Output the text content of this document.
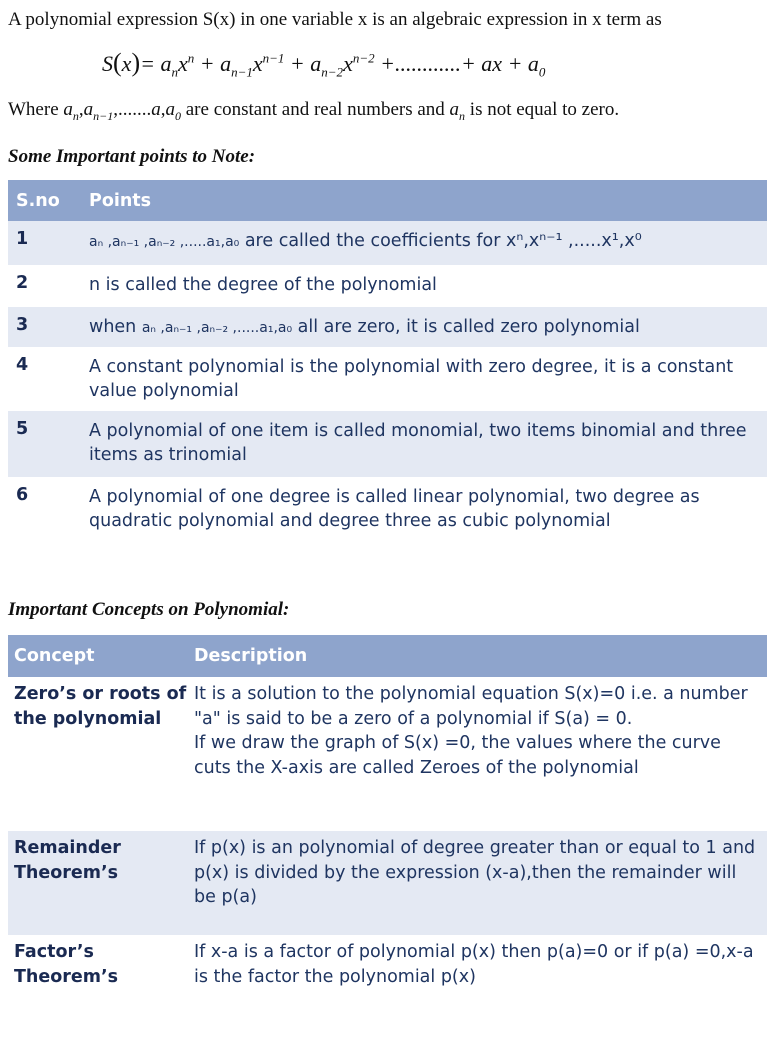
A polynomial expression S(x) in one variable x is an algebraic expression in x term as
$S(x)= a_nx^n + a_{n-1}x^{n-1} + a_{n-2}x^{n-2}$ +............+ ax + $a_0$
Where $a_n,a_{n-1},.......a,a_0$ are constant and real numbers and $a_n$ is not equal to zero.
Some Important points to Note:
S.no	Points
1	aₙ ,aₙ₋₁ ,aₙ₋₂ ,.....a₁,a₀ are called the coefficients for xⁿ,xⁿ⁻¹ ,.....x¹,x⁰
2	n is called the degree of the polynomial
3	when aₙ ,aₙ₋₁ ,aₙ₋₂ ,.....a₁,a₀ all are zero, it is called zero polynomial
4	A constant polynomial is the polynomial with zero degree, it is a constant value polynomial
5	A polynomial of one item is called monomial, two items binomial and three items as trinomial
6	A polynomial of one degree is called linear polynomial, two degree as quadratic polynomial and degree three as cubic polynomial
Important Concepts on Polynomial:
Concept	Description
Zero’s or roots of the polynomial	It is a solution to the polynomial equation S(x)=0 i.e. a number "a" is said to be a zero of a polynomial if S(a) = 0.
If we draw the graph of S(x) =0, the values where the curve cuts the X-axis are called Zeroes of the polynomial

Remainder Theorem’s	If p(x) is an polynomial of degree greater than or equal to 1 and p(x) is divided by the expression (x-a),then the remainder will be p(a)
Factor’s Theorem’s	If x-a is a factor of polynomial p(x) then p(a)=0 or if p(a) =0,x-a is the factor the polynomial p(x)
